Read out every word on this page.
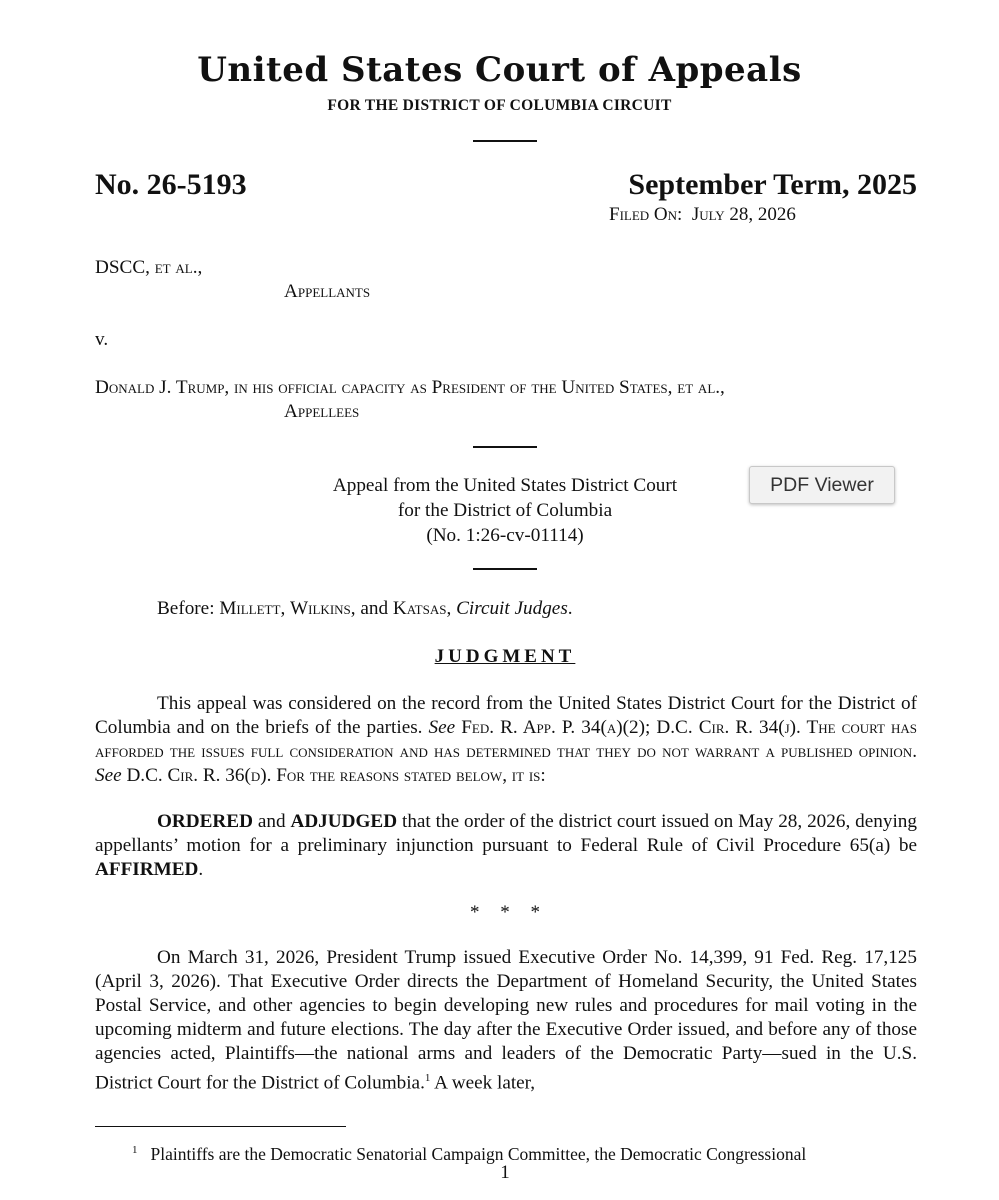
United States Court of Appeals
FOR THE DISTRICT OF COLUMBIA CIRCUIT
No. 26-5193	September Term, 2025
Filed On: July 28, 2026
DSCC, et al.,
Appellants
v.
Donald J. Trump, in his official capacity as President of the United States, et al.,
Appellees
Appeal from the United States District Court
for the District of Columbia
(No. 1:26-cv-01114)
PDF Viewer
Before: Millett, Wilkins, and Katsas, Circuit Judges.
JUDGMENT

This appeal was considered on the record from the United States District Court for the District of Columbia and on the briefs of the parties. See Fed. R. App. P. 34(a)(2); D.C. Cir. R. 34(j). The court has afforded the issues full consideration and has determined that they do not warrant a published opinion. See D.C. Cir. R. 36(d). For the reasons stated below, it is:

ORDERED and ADJUDGED that the order of the district court issued on May 28, 2026, denying appellants’ motion for a preliminary injunction pursuant to Federal Rule of Civil Procedure 65(a) be AFFIRMED.

* * *

On March 31, 2026, President Trump issued Executive Order No. 14,399, 91 Fed. Reg. 17,125 (April 3, 2026). That Executive Order directs the Department of Homeland Security, the United States Postal Service, and other agencies to begin developing new rules and procedures for mail voting in the upcoming midterm and future elections. The day after the Executive Order issued, and before any of those agencies acted, Plaintiffs—the national arms and leaders of the Democratic Party—sued in the U.S. District Court for the District of Columbia.$^1$ A week later,

$^1$ Plaintiffs are the Democratic Senatorial Campaign Committee, the Democratic Congressional
1
